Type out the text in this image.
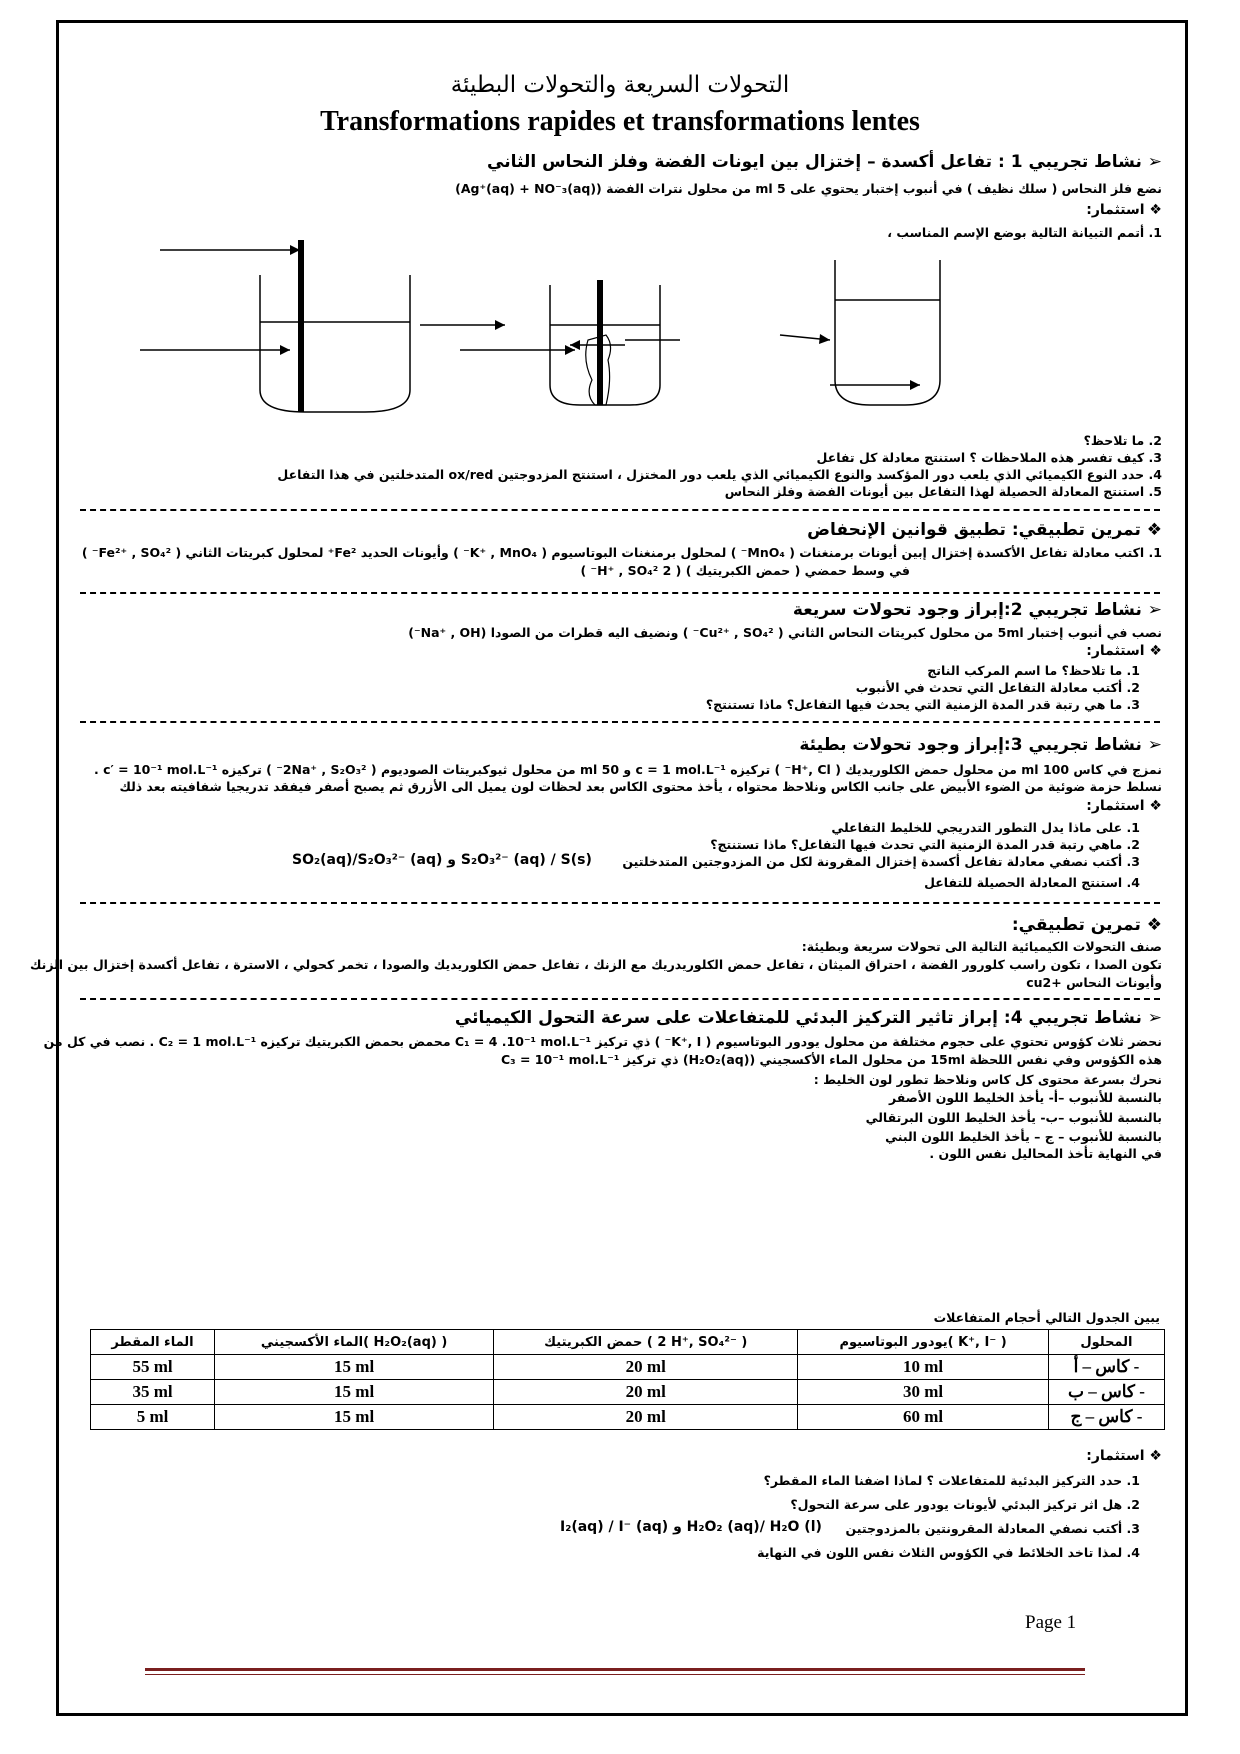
التحولات السريعة والتحولات البطيئة
Transformations rapides et transformations lentes
➢ نشاط تجريبي 1 : تفاعل أكسدة – إختزال بين ايونات الفضة وفلز النحاس الثاني
نضع فلز النحاس ( سلك نظيف ) في أنبوب إختبار يحتوي على 5 ml من محلول نترات الفضة (Ag⁺(aq) + NO⁻₃(aq))
❖ استثمار:
1. أتمم التبيانة التالية بوضع الإسم المناسب ،
2. ما تلاحظ؟
3. كيف تفسر هذه الملاحظات ؟ استنتج معادلة كل تفاعل
4. حدد النوع الكيميائي الذي يلعب دور المؤكسد والنوع الكيميائي الذي يلعب دور المختزل ، استنتج المزدوجتين ox/red المتدخلتين في هذا التفاعل
5. استنتج المعادلة الحصيلة لهذا التفاعل بين أيونات الفضة وفلز النحاس
❖ تمرين تطبيقي: تطبيق قوانين الإنحفاض
1. اكتب معادلة تفاعل الأكسدة إختزال إبين أيونات برمنغنات ( MnO₄⁻ ) لمحلول برمنغنات البوتاسيوم ( K⁺ , MnO₄⁻ ) وأيونات الحديد Fe²⁺ لمحلول كبريتات الثاني ( Fe²⁺ , SO₄²⁻ )
في وسط حمضي ( حمض الكبريتيك ) ( 2 H⁺ , SO₄²⁻ )
➢ نشاط تجريبي 2:إبراز وجود تحولات سريعة
نصب في أنبوب إختبار 5ml من محلول كبريتات النحاس الثاني ( Cu²⁺ , SO₄²⁻ ) ونضيف اليه قطرات من الصودا (Na⁺ , OH⁻)
❖ استثمار:
1. ما تلاحظ؟ ما اسم المركب الناتج
2. أكتب معادلة التفاعل التي تحدث في الأنبوب
3. ما هي رتبة قدر المدة الزمنية التي يحدث فيها التفاعل؟ ماذا تستنتج؟
➢ نشاط تجريبي 3:إبراز وجود تحولات بطيئة
نمزج في كاس 100 ml من محلول حمض الكلوريديك ( H⁺, Cl⁻ ) تركيزه c = 1 mol.L⁻¹ و 50 ml من محلول ثيوكبريتات الصوديوم ( 2Na⁺ , S₂O₃²⁻ ) تركيزه c′ = 10⁻¹ mol.L⁻¹ .
نسلط حزمة ضوئية من الضوء الأبيض على جانب الكاس ونلاحظ محتواه ، يأخذ محتوى الكاس بعد لحظات لون يميل الى الأزرق ثم يصبح أصفر فيفقد تدريجيا شفافيته بعد ذلك
❖ استثمار:
1. على ماذا يدل التطور التدريجي للخليط التفاعلي
2. ماهي رتبة قدر المدة الزمنية التي تحدث فيها التفاعل؟ ماذا تستنتج؟
3. أكتب نصفي معادلة تفاعل أكسدة إختزال المقرونة لكل من المزدوجتين المتدخلتين
SO₂(aq)/S₂O₃²⁻ (aq) و S₂O₃²⁻ (aq) / S(s)
4. استنتج المعادلة الحصيلة للتفاعل
❖ تمرين تطبيقي:
صنف التحولات الكيميائية التالية الى تحولات سريعة وبطيئة:
تكون الصدا ، تكون راسب كلورور الفضة ، احتراق الميثان ، تفاعل حمض الكلوريدريك مع الزنك ، تفاعل حمض الكلوريديك والصودا ، تخمر كحولي ، الاسترة ، تفاعل أكسدة إختزال بين الزنك
وأيونات النحاس +cu2
➢ نشاط تجريبي 4: إبراز تاثير التركيز البدئي للمتفاعلات على سرعة التحول الكيميائي
نحضر ثلاث كؤوس تحتوي على حجوم مختلفة من محلول يودور البوتاسيوم ( K⁺, I⁻ ) ذي تركيز C₁ = 4 .10⁻¹ mol.L⁻¹ محمض بحمض الكبريتيك تركيزه C₂ = 1 mol.L⁻¹ . نصب في كل من
هذه الكؤوس وفي نفس اللحظة 15ml من محلول الماء الأكسجيني (H₂O₂(aq)) ذي تركيز C₃ = 10⁻¹ mol.L⁻¹
نحرك بسرعة محتوى كل كاس ونلاحظ تطور لون الخليط :
بالنسبة للأنبوب –أ- يأخذ الخليط اللون الأصفر
بالنسبة للأنبوب –ب- يأخذ الخليط اللون البرتقالي
بالنسبة للأنبوب – ج – يأخذ الخليط اللون البني
في النهاية تأخذ المحاليل نفس اللون .
يبين الجدول التالي أحجام المتفاعلات
الماء المقطر	الماء الأكسجيني( H₂O₂(aq) )	حمض الكبريتيك ( 2 H⁺, SO₄²⁻ )	يودور البوتاسيوم( K⁺, I⁻ )	المحلول
55 ml	15 ml	20 ml	10 ml	كاس – أ -
35 ml	15 ml	20 ml	30 ml	كاس – ب -
5 ml	15 ml	20 ml	60 ml	كاس – ج -
❖ استثمار:
1. حدد التركيز البدئية للمتفاعلات ؟ لماذا اضفنا الماء المقطر؟
2. هل اثر تركيز البدئي لأيونات يودور على سرعة التحول؟
3. أكتب نصفي المعادلة المقرونتين بالمزدوجتين
I₂(aq) / I⁻ (aq) و H₂O₂ (aq)/ H₂O (l)
4. لمذا تاخد الخلائط في الكؤوس الثلاث نفس اللون في النهاية
Page 1
